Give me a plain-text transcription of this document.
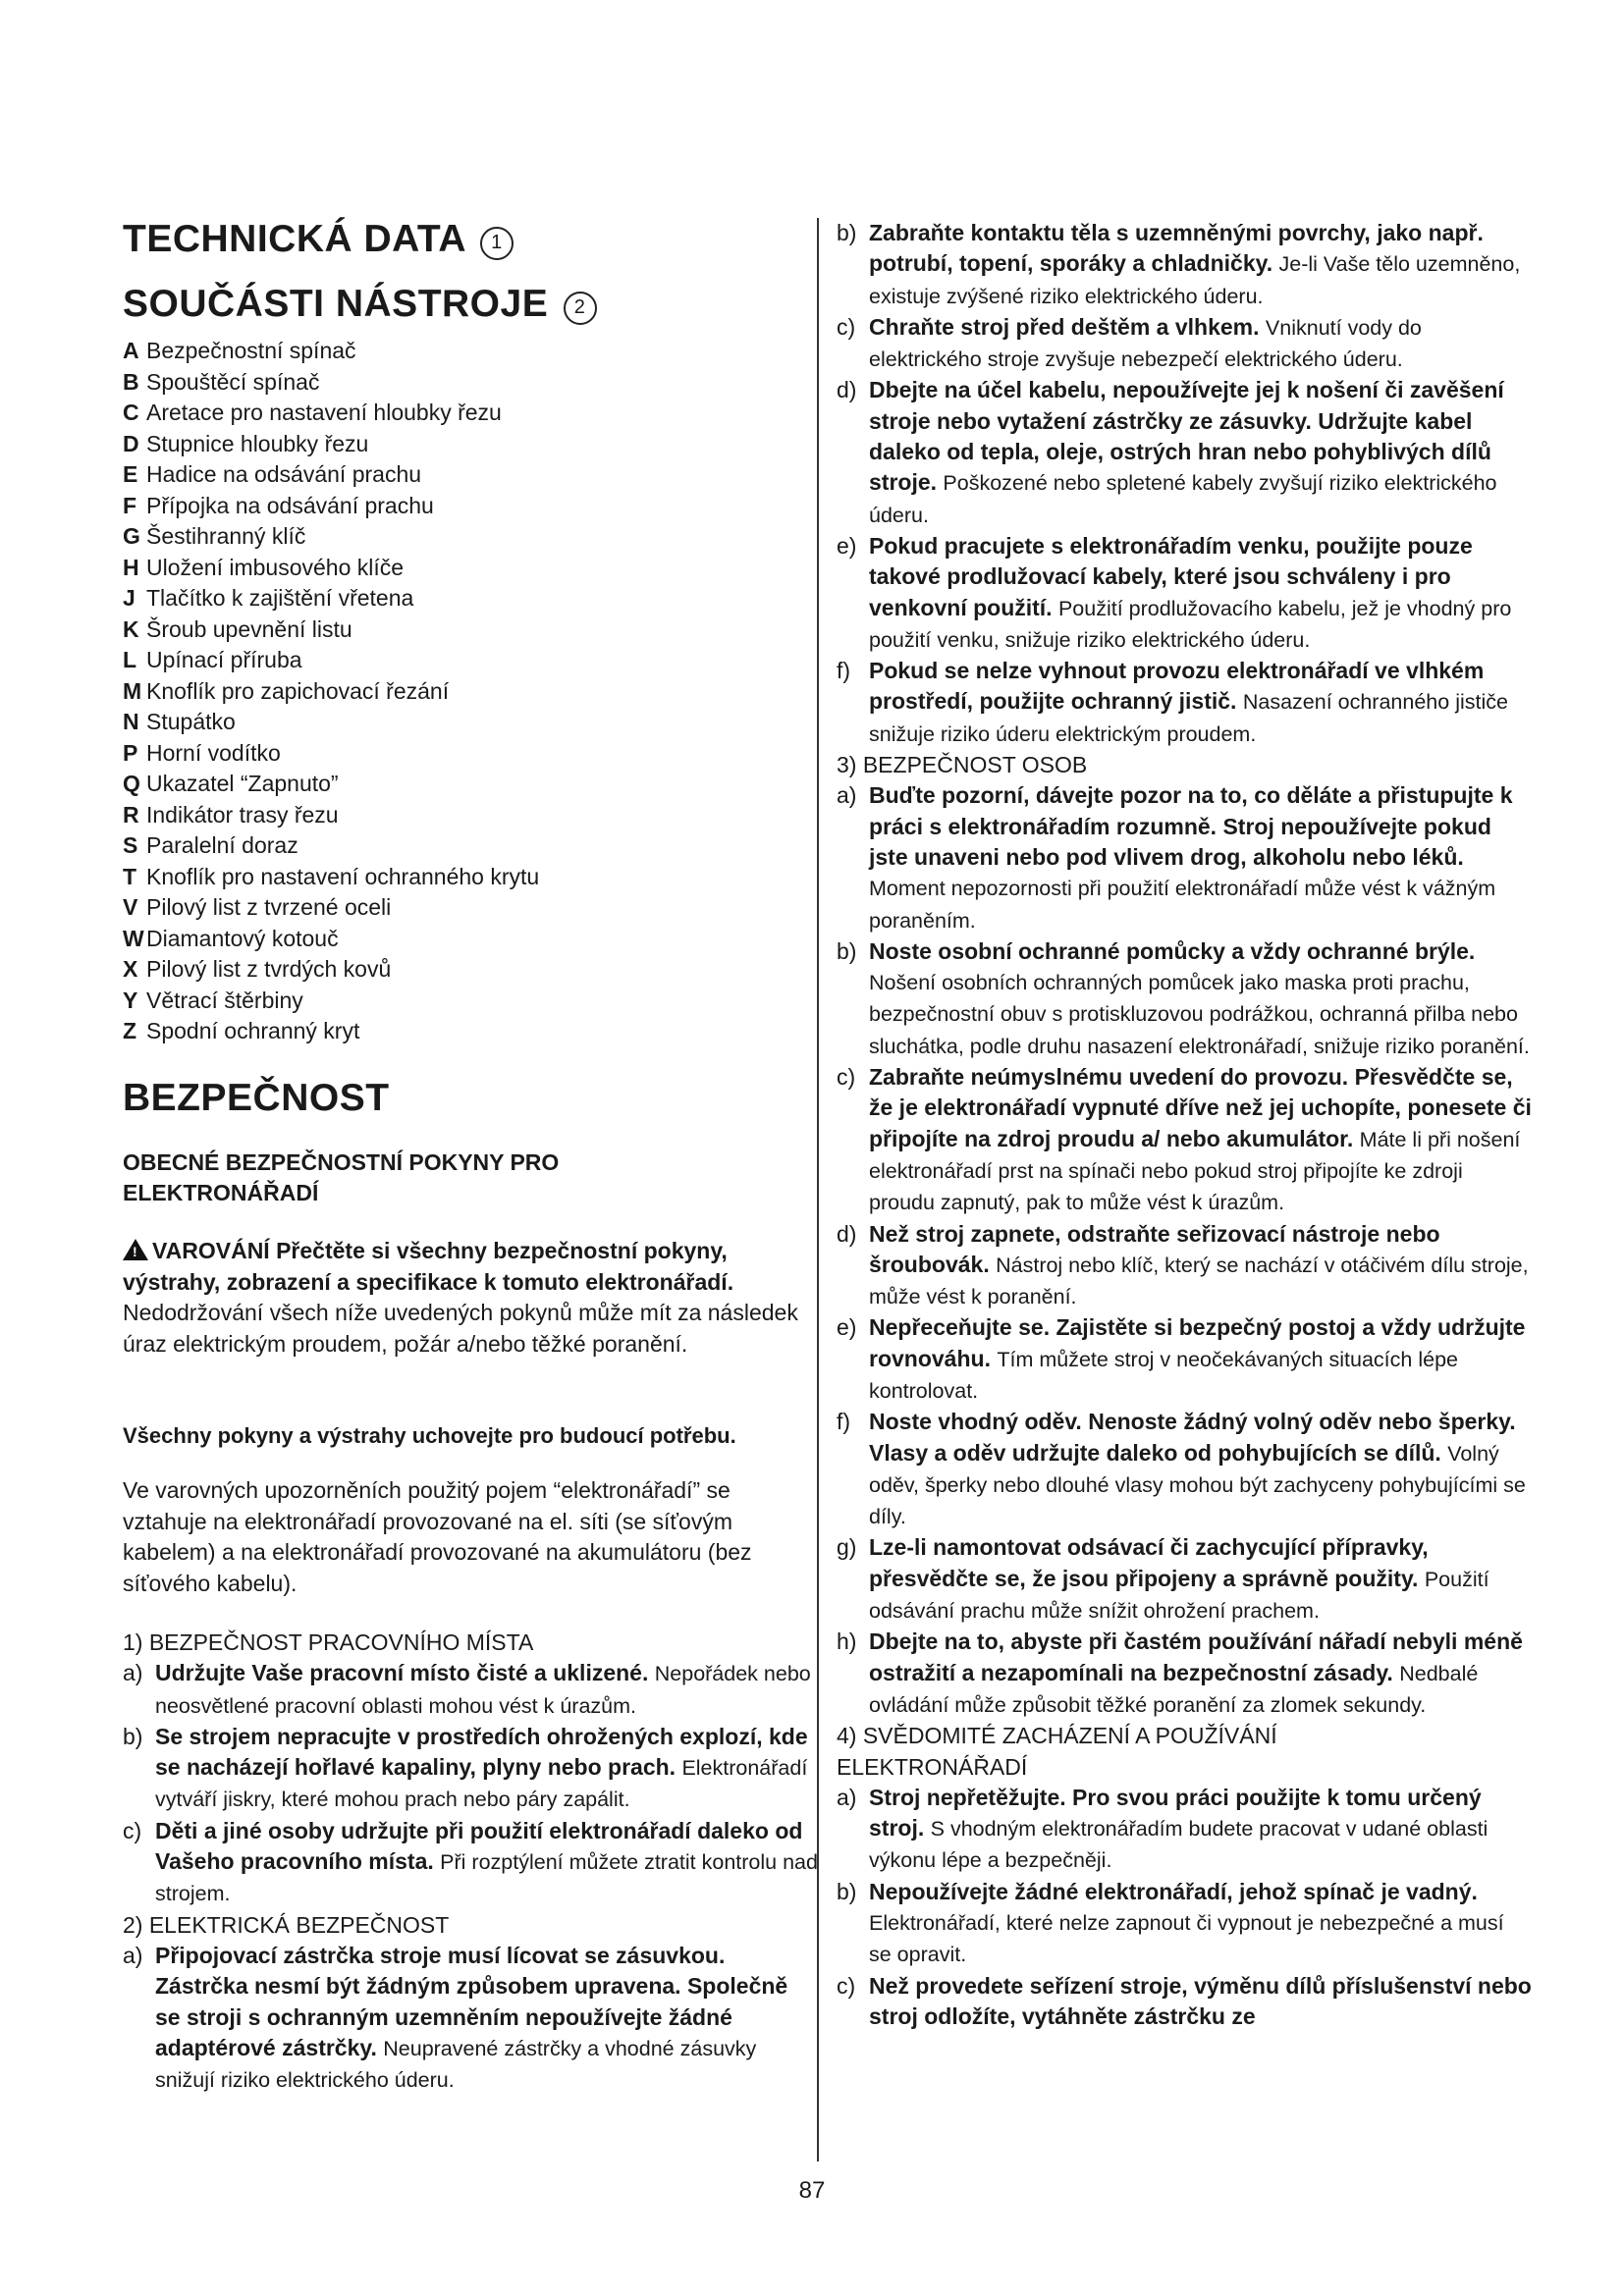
TECHNICKÁ DATA 1
SOUČÁSTI NÁSTROJE 2
A Bezpečnostní spínač
B Spouštěcí spínač
C Aretace pro nastavení hloubky řezu
D Stupnice hloubky řezu
E Hadice na odsávání prachu
F Přípojka na odsávání prachu
G Šestihranný klíč
H Uložení imbusového klíče
J Tlačítko k zajištění vřetena
K Šroub upevnění listu
L Upínací příruba
M Knoflík pro zapichovací řezání
N Stupátko
P Horní vodítko
Q Ukazatel “Zapnuto”
R Indikátor trasy řezu
S Paralelní doraz
T Knoflík pro nastavení ochranného krytu
V Pilový list z tvrzené oceli
WDiamantový kotouč
X Pilový list z tvrdých kovů
Y Větrací štěrbiny
Z Spodní ochranný kryt
BEZPEČNOST
OBECNÉ BEZPEČNOSTNÍ POKYNY PRO ELEKTRONÁŘADÍ
! VAROVÁNÍ Přečtěte si všechny bezpečnostní pokyny, výstrahy, zobrazení a specifikace k tomuto elektronářadí. Nedodržování všech níže uvedených pokynů může mít za následek úraz elektrickým proudem, požár a/nebo těžké poranění.
Všechny pokyny a výstrahy uchovejte pro budoucí potřebu.
Ve varovných upozorněních použitý pojem “elektronářadí” se vztahuje na elektronářadí provozované na el. síti (se síťovým kabelem) a na elektronářadí provozované na akumulátoru (bez síťového kabelu).
1) BEZPEČNOST PRACOVNÍHO MÍSTA
a) Udržujte Vaše pracovní místo čisté a uklizené. Nepořádek nebo neosvětlené pracovní oblasti mohou vést k úrazům.
b) Se strojem nepracujte v prostředích ohrožených explozí, kde se nacházejí hořlavé kapaliny, plyny nebo prach. Elektronářadí vytváří jiskry, které mohou prach nebo páry zapálit.
c) Děti a jiné osoby udržujte při použití elektronářadí daleko od Vašeho pracovního místa. Při rozptýlení můžete ztratit kontrolu nad strojem.
2) ELEKTRICKÁ BEZPEČNOST
a) Připojovací zástrčka stroje musí lícovat se zásuvkou. Zástrčka nesmí být žádným způsobem upravena. Společně se stroji s ochranným uzemněním nepoužívejte žádné adaptérové zástrčky. Neupravené zástrčky a vhodné zásuvky snižují riziko elektrického úderu.
b) Zabraňte kontaktu těla s uzemněnými povrchy, jako např. potrubí, topení, sporáky a chladničky. Je-li Vaše tělo uzemněno, existuje zvýšené riziko elektrického úderu.
c) Chraňte stroj před deštěm a vlhkem. Vniknutí vody do elektrického stroje zvyšuje nebezpečí elektrického úderu.
d) Dbejte na účel kabelu, nepoužívejte jej k nošení či zavěšení stroje nebo vytažení zástrčky ze zásuvky. Udržujte kabel daleko od tepla, oleje, ostrých hran nebo pohyblivých dílů stroje. Poškozené nebo spletené kabely zvyšují riziko elektrického úderu.
e) Pokud pracujete s elektronářadím venku, použijte pouze takové prodlužovací kabely, které jsou schváleny i pro venkovní použití. Použití prodlužovacího kabelu, jež je vhodný pro použití venku, snižuje riziko elektrického úderu.
f) Pokud se nelze vyhnout provozu elektronářadí ve vlhkém prostředí, použijte ochranný jistič. Nasazení ochranného jističe snižuje riziko úderu elektrickým proudem.
3) BEZPEČNOST OSOB
a) Buďte pozorní, dávejte pozor na to, co děláte a přistupujte k práci s elektronářadím rozumně. Stroj nepoužívejte pokud jste unaveni nebo pod vlivem drog, alkoholu nebo léků. Moment nepozornosti při použití elektronářadí může vést k vážným poraněním.
b) Noste osobní ochranné pomůcky a vždy ochranné brýle. Nošení osobních ochranných pomůcek jako maska proti prachu, bezpečnostní obuv s protiskluzovou podrážkou, ochranná přilba nebo sluchátka, podle druhu nasazení elektronářadí, snižuje riziko poranění.
c) Zabraňte neúmyslnému uvedení do provozu. Přesvědčte se, že je elektronářadí vypnuté dříve než jej uchopíte, ponesete či připojíte na zdroj proudu a/ nebo akumulátor. Máte li při nošení elektronářadí prst na spínači nebo pokud stroj připojíte ke zdroji proudu zapnutý, pak to může vést k úrazům.
d) Než stroj zapnete, odstraňte seřizovací nástroje nebo šroubovák. Nástroj nebo klíč, který se nachází v otáčivém dílu stroje, může vést k poranění.
e) Nepřeceňujte se. Zajistěte si bezpečný postoj a vždy udržujte rovnováhu. Tím můžete stroj v neočekávaných situacích lépe kontrolovat.
f) Noste vhodný oděv. Nenoste žádný volný oděv nebo šperky. Vlasy a oděv udržujte daleko od pohybujících se dílů. Volný oděv, šperky nebo dlouhé vlasy mohou být zachyceny pohybujícími se díly.
g) Lze-li namontovat odsávací či zachycující přípravky, přesvědčte se, že jsou připojeny a správně použity. Použití odsávání prachu může snížit ohrožení prachem.
h) Dbejte na to, abyste při častém používání nářadí nebyli méně ostražití a nezapomínali na bezpečnostní zásady. Nedbalé ovládání může způsobit těžké poranění za zlomek sekundy.
4) SVĚDOMITÉ ZACHÁZENÍ A POUŽÍVÁNÍ ELEKTRONÁŘADÍ
a) Stroj nepřetěžujte. Pro svou práci použijte k tomu určený stroj. S vhodným elektronářadím budete pracovat v udané oblasti výkonu lépe a bezpečněji.
b) Nepoužívejte žádné elektronářadí, jehož spínač je vadný. Elektronářadí, které nelze zapnout či vypnout je nebezpečné a musí se opravit.
c) Než provedete seřízení stroje, výměnu dílů příslušenství nebo stroj odložíte, vytáhněte zástrčku ze
87
